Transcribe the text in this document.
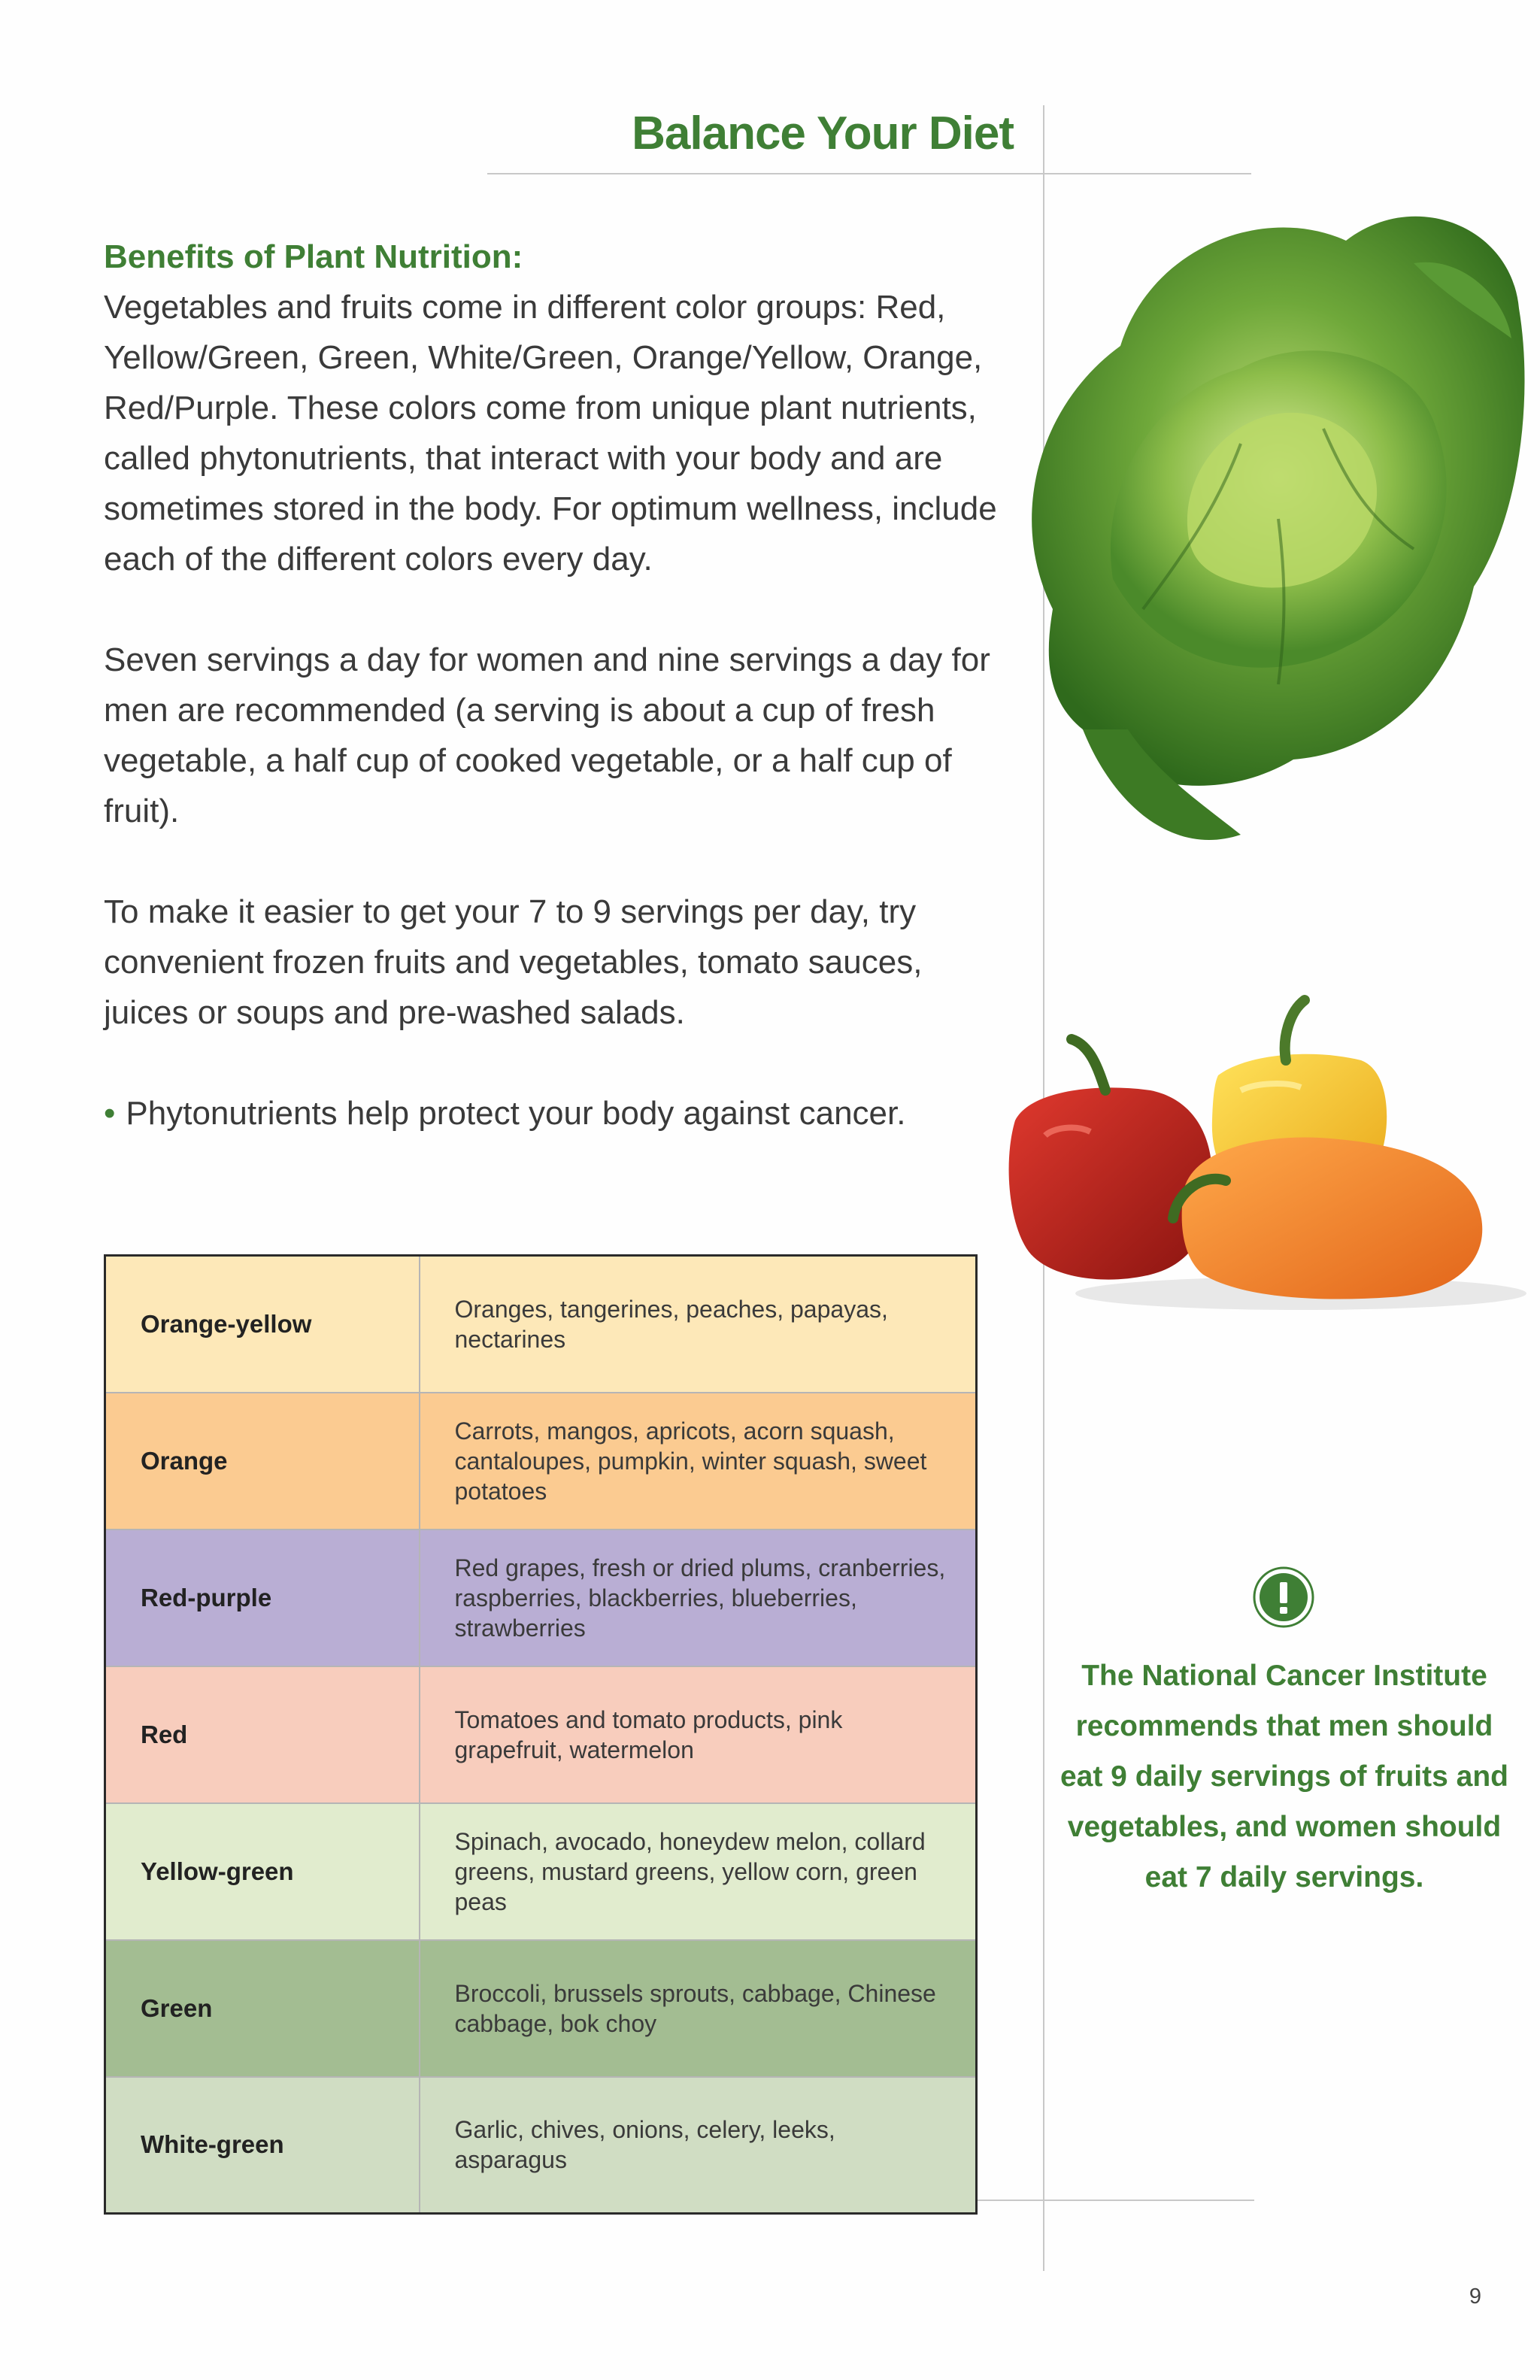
Balance Your Diet

Benefits of Plant Nutrition:

Vegetables and fruits come in different color groups: Red, Yellow/Green, Green, White/Green, Orange/Yellow, Orange, Red/Purple. These colors come from unique plant nutrients, called phytonutrients, that interact with your body and are sometimes stored in the body. For optimum wellness, include each of the different colors every day.

Seven servings a day for women and nine servings a day for men are recommended (a serving is about a cup of fresh vegetable, a half cup of cooked vegetable, or a half cup of fruit).

To make it easier to get your 7 to 9 servings per day, try convenient frozen fruits and vegetables, tomato sauces, juices or soups and pre-washed salads.

• Phytonutrients help protect your body against cancer.

Orange-yellow	Oranges, tangerines, peaches, papayas, nectarines
Orange	Carrots, mangos, apricots, acorn squash, cantaloupes, pumpkin, winter squash, sweet potatoes
Red-purple	Red grapes, fresh or dried plums, cranberries, raspberries, blackberries, blueberries, strawberries
Red	Tomatoes and tomato products, pink grapefruit, watermelon
Yellow-green	Spinach, avocado, honeydew melon, collard greens, mustard greens, yellow corn, green peas
Green	Broccoli, brussels sprouts, cabbage, Chinese cabbage, bok choy
White-green	Garlic, chives, onions, celery, leeks, asparagus
The National Cancer Institute recommends that men should eat 9 daily servings of fruits and vegetables, and women should eat 7 daily servings.
9
